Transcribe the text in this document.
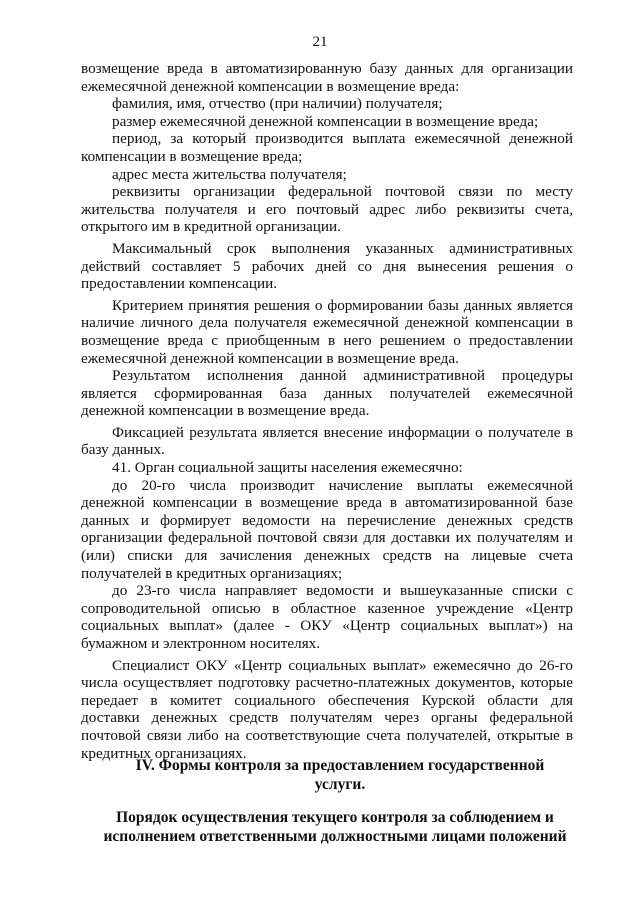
21

возмещение вреда в автоматизированную базу данных для организации ежемесячной денежной компенсации в возмещение вреда:

фамилия, имя, отчество (при наличии) получателя;

размер ежемесячной денежной компенсации в возмещение вреда;

период, за который производится выплата ежемесячной денежной компенсации в возмещение вреда;

адрес места жительства получателя;

реквизиты организации федеральной почтовой связи по месту жительства получателя и его почтовый адрес либо реквизиты счета, открытого им в кредитной организации.

Максимальный срок выполнения указанных административных действий составляет 5 рабочих дней со дня вынесения решения о предоставлении компенсации.

Критерием принятия решения о формировании базы данных является наличие личного дела получателя ежемесячной денежной компенсации в возмещение вреда с приобщенным в него решением о предоставлении ежемесячной денежной компенсации в возмещение вреда.

Результатом исполнения данной административной процедуры является сформированная база данных получателей ежемесячной денежной компенсации в возмещение вреда.

Фиксацией результата является внесение информации о получателе в базу данных.

41. Орган социальной защиты населения ежемесячно:

до 20-го числа производит начисление выплаты ежемесячной денежной компенсации в возмещение вреда в автоматизированной базе данных и формирует ведомости на перечисление денежных средств организации федеральной почтовой связи для доставки их получателям и (или) списки для зачисления денежных средств на лицевые счета получателей в кредитных организациях;

до 23-го числа направляет ведомости и вышеуказанные списки с сопроводительной описью в областное казенное учреждение «Центр социальных выплат» (далее - ОКУ «Центр социальных выплат») на бумажном и электронном носителях.

Специалист ОКУ «Центр социальных выплат» ежемесячно до 26-го числа осуществляет подготовку расчетно-платежных документов, которые передает в комитет социального обеспечения Курской области для доставки денежных средств получателям через органы федеральной почтовой связи либо на соответствующие счета получателей, открытые в кредитных организациях.

IV. Формы контроля за предоставлением государственной услуги.
Порядок осуществления текущего контроля за соблюдением и исполнением ответственными должностными лицами положений
